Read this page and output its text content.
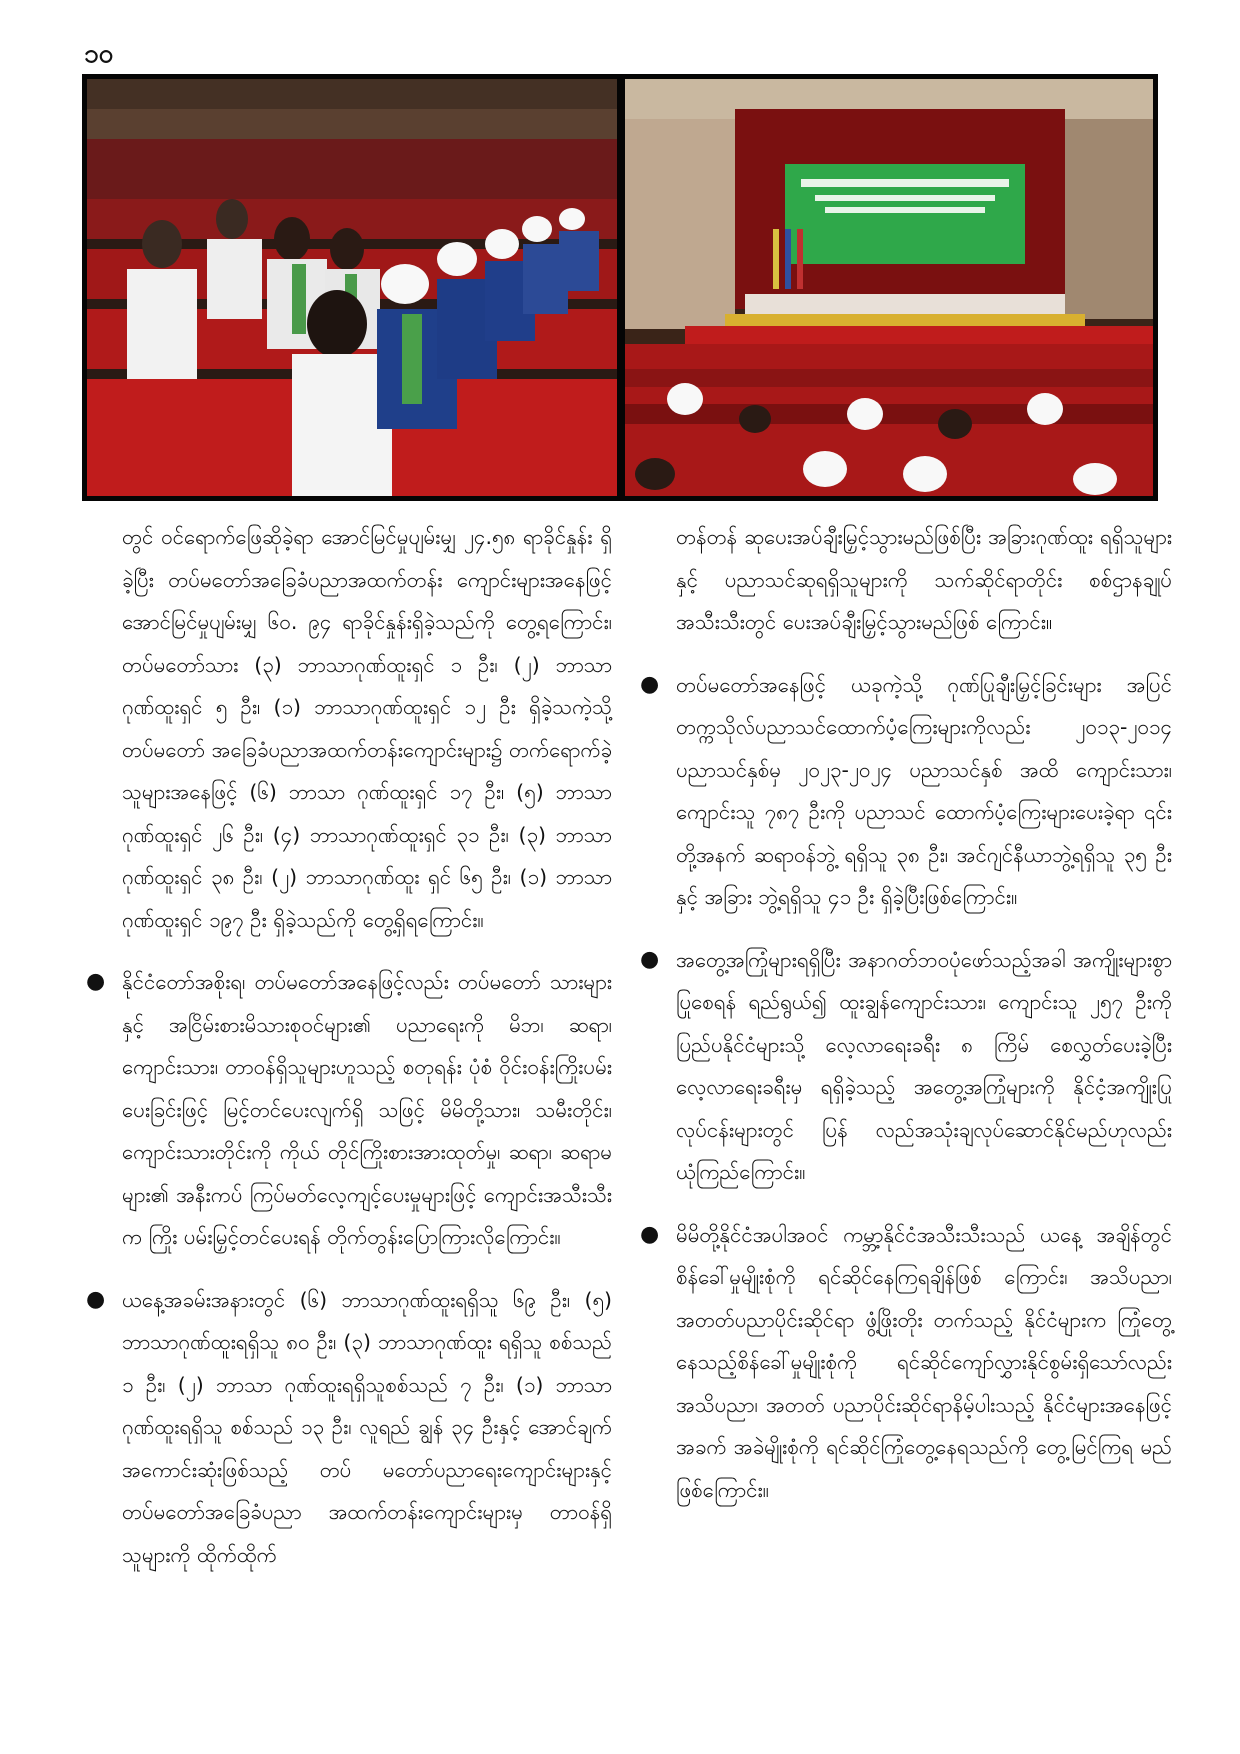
၁၀

တွင် ဝင်ရောက်ဖြေဆိုခဲ့ရာ အောင်မြင်မှုပျမ်းမျှ ၂၄.၅၈ ရာခိုင်နှုန်း ရှိခဲ့ပြီး တပ်မတော်အခြေခံပညာအထက်တန်း ကျောင်းများအနေဖြင့် အောင်မြင်မှုပျမ်းမျှ ၆၀. ၉၄ ရာခိုင်နှုန်းရှိခဲ့သည်ကို တွေ့ရကြောင်း၊ တပ်မတော်သား (၃) ဘာသာဂုဏ်ထူးရှင် ၁ ဦး၊ (၂) ဘာသာဂုဏ်ထူးရှင် ၅ ဦး၊ (၁) ဘာသာဂုဏ်ထူးရှင် ၁၂ ဦး ရှိခဲ့သကဲ့သို့ တပ်မတော် အခြေခံပညာအထက်တန်းကျောင်းများ၌ တက်ရောက်ခဲ့ သူများအနေဖြင့် (၆) ဘာသာ ဂုဏ်ထူးရှင် ၁၇ ဦး၊ (၅) ဘာသာ ဂုဏ်ထူးရှင် ၂၆ ဦး၊ (၄) ဘာသာဂုဏ်ထူးရှင် ၃၁ ဦး၊ (၃) ဘာသာဂုဏ်ထူးရှင် ၃၈ ဦး၊ (၂) ဘာသာဂုဏ်ထူး ရှင် ၆၅ ဦး၊ (၁) ဘာသာဂုဏ်ထူးရှင် ၁၉၇ ဦး ရှိခဲ့သည်ကို တွေ့ရှိရကြောင်း။

● နိုင်ငံတော်အစိုးရ၊ တပ်မတော်အနေဖြင့်လည်း တပ်မတော် သားများနှင့် အငြိမ်းစားမိသားစုဝင်များ၏ ပညာရေးကို မိဘ၊ ဆရာ၊ ကျောင်းသား၊ တာဝန်ရှိသူများဟူသည့် စတုရန်း ပုံစံ ဝိုင်းဝန်းကြိုးပမ်းပေးခြင်းဖြင့် မြင့်တင်ပေးလျက်ရှိ သဖြင့် မိမိတို့သား၊ သမီးတိုင်း၊ ကျောင်းသားတိုင်းကို ကိုယ် တိုင်ကြိုးစားအားထုတ်မှု၊ ဆရာ၊ ဆရာမများ၏ အနီးကပ် ကြပ်မတ်လေ့ကျင့်ပေးမှုများဖြင့် ကျောင်းအသီးသီးက ကြိုး ပမ်းမြှင့်တင်ပေးရန် တိုက်တွန်းပြောကြားလိုကြောင်း။

● ယနေ့အခမ်းအနားတွင် (၆) ဘာသာဂုဏ်ထူးရရှိသူ ၆၉ ဦး၊ (၅) ဘာသာဂုဏ်ထူးရရှိသူ ၈၀ ဦး၊ (၃) ဘာသာဂုဏ်ထူး ရရှိသူ စစ်သည် ၁ ဦး၊ (၂) ဘာသာ ဂုဏ်ထူးရရှိသူစစ်သည် ၇ ဦး၊ (၁) ဘာသာဂုဏ်ထူးရရှိသူ စစ်သည် ၁၃ ဦး၊ လူရည် ချွန် ၃၄ ဦးနှင့် အောင်ချက်အကောင်းဆုံးဖြစ်သည့် တပ် မတော်ပညာရေးကျောင်းများနှင့် တပ်မတော်အခြေခံပညာ အထက်တန်းကျောင်းများမှ တာဝန်ရှိသူများကို ထိုက်ထိုက်

တန်တန် ဆုပေးအပ်ချီးမြှင့်သွားမည်ဖြစ်ပြီး အခြားဂုဏ်ထူး ရရှိသူများနှင့် ပညာသင်ဆုရရှိသူများကို သက်ဆိုင်ရာတိုင်း စစ်ဌာနချုပ်အသီးသီးတွင် ပေးအပ်ချီးမြှင့်သွားမည်ဖြစ် ကြောင်း။

● တပ်မတော်အနေဖြင့် ယခုကဲ့သို့ ဂုဏ်ပြုချီးမြှင့်ခြင်းများ အပြင် တက္ကသိုလ်ပညာသင်ထောက်ပံ့ကြေးများကိုလည်း ၂၀၁၃-၂၀၁၄ ပညာသင်နှစ်မှ ၂၀၂၃-၂၀၂၄ ပညာသင်နှစ် အထိ ကျောင်းသား၊ ကျောင်းသူ ၇၈၇ ဦးကို ပညာသင် ထောက်ပံ့ကြေးများပေးခဲ့ရာ ၎င်းတို့အနက် ဆရာဝန်ဘွဲ့ ရရှိသူ ၃၈ ဦး၊ အင်ဂျင်နီယာဘွဲ့ရရှိသူ ၃၅ ဦးနှင့် အခြား ဘွဲ့ရရှိသူ ၄၁ ဦး ရှိခဲ့ပြီးဖြစ်ကြောင်း။

● အတွေ့အကြုံများရရှိပြီး အနာဂတ်ဘဝပုံဖော်သည့်အခါ အကျိုးများစွာပြုစေရန် ရည်ရွယ်၍ ထူးချွန်ကျောင်းသား၊ ကျောင်းသူ ၂၅၇ ဦးကို ပြည်ပနိုင်ငံများသို့ လေ့လာရေးခရီး ၈ ကြိမ် စေလွှတ်ပေးခဲ့ပြီး လေ့လာရေးခရီးမှ ရရှိခဲ့သည့် အတွေ့အကြုံများကို နိုင်ငံ့အကျိုးပြုလုပ်ငန်းများတွင် ပြန် လည်အသုံးချလုပ်ဆောင်နိုင်မည်ဟုလည်း ယုံကြည်ကြောင်း။

● မိမိတို့နိုင်ငံအပါအဝင် ကမ္ဘာ့နိုင်ငံအသီးသီးသည် ယနေ့ အချိန်တွင် စိန်ခေါ်မှုမျိုးစုံကို ရင်ဆိုင်နေကြရချိန်ဖြစ် ကြောင်း၊ အသိပညာ၊ အတတ်ပညာပိုင်းဆိုင်ရာ ဖွံ့ဖြိုးတိုး တက်သည့် နိုင်ငံများက ကြုံတွေ့နေသည့်စိန်ခေါ်မှုမျိုးစုံကို ရင်ဆိုင်ကျော်လွှားနိုင်စွမ်းရှိသော်လည်း အသိပညာ၊ အတတ် ပညာပိုင်းဆိုင်ရာနိမ့်ပါးသည့် နိုင်ငံများအနေဖြင့် အခက် အခဲမျိုးစုံကို ရင်ဆိုင်ကြုံတွေ့နေရသည်ကို တွေ့မြင်ကြရ မည်ဖြစ်ကြောင်း။
